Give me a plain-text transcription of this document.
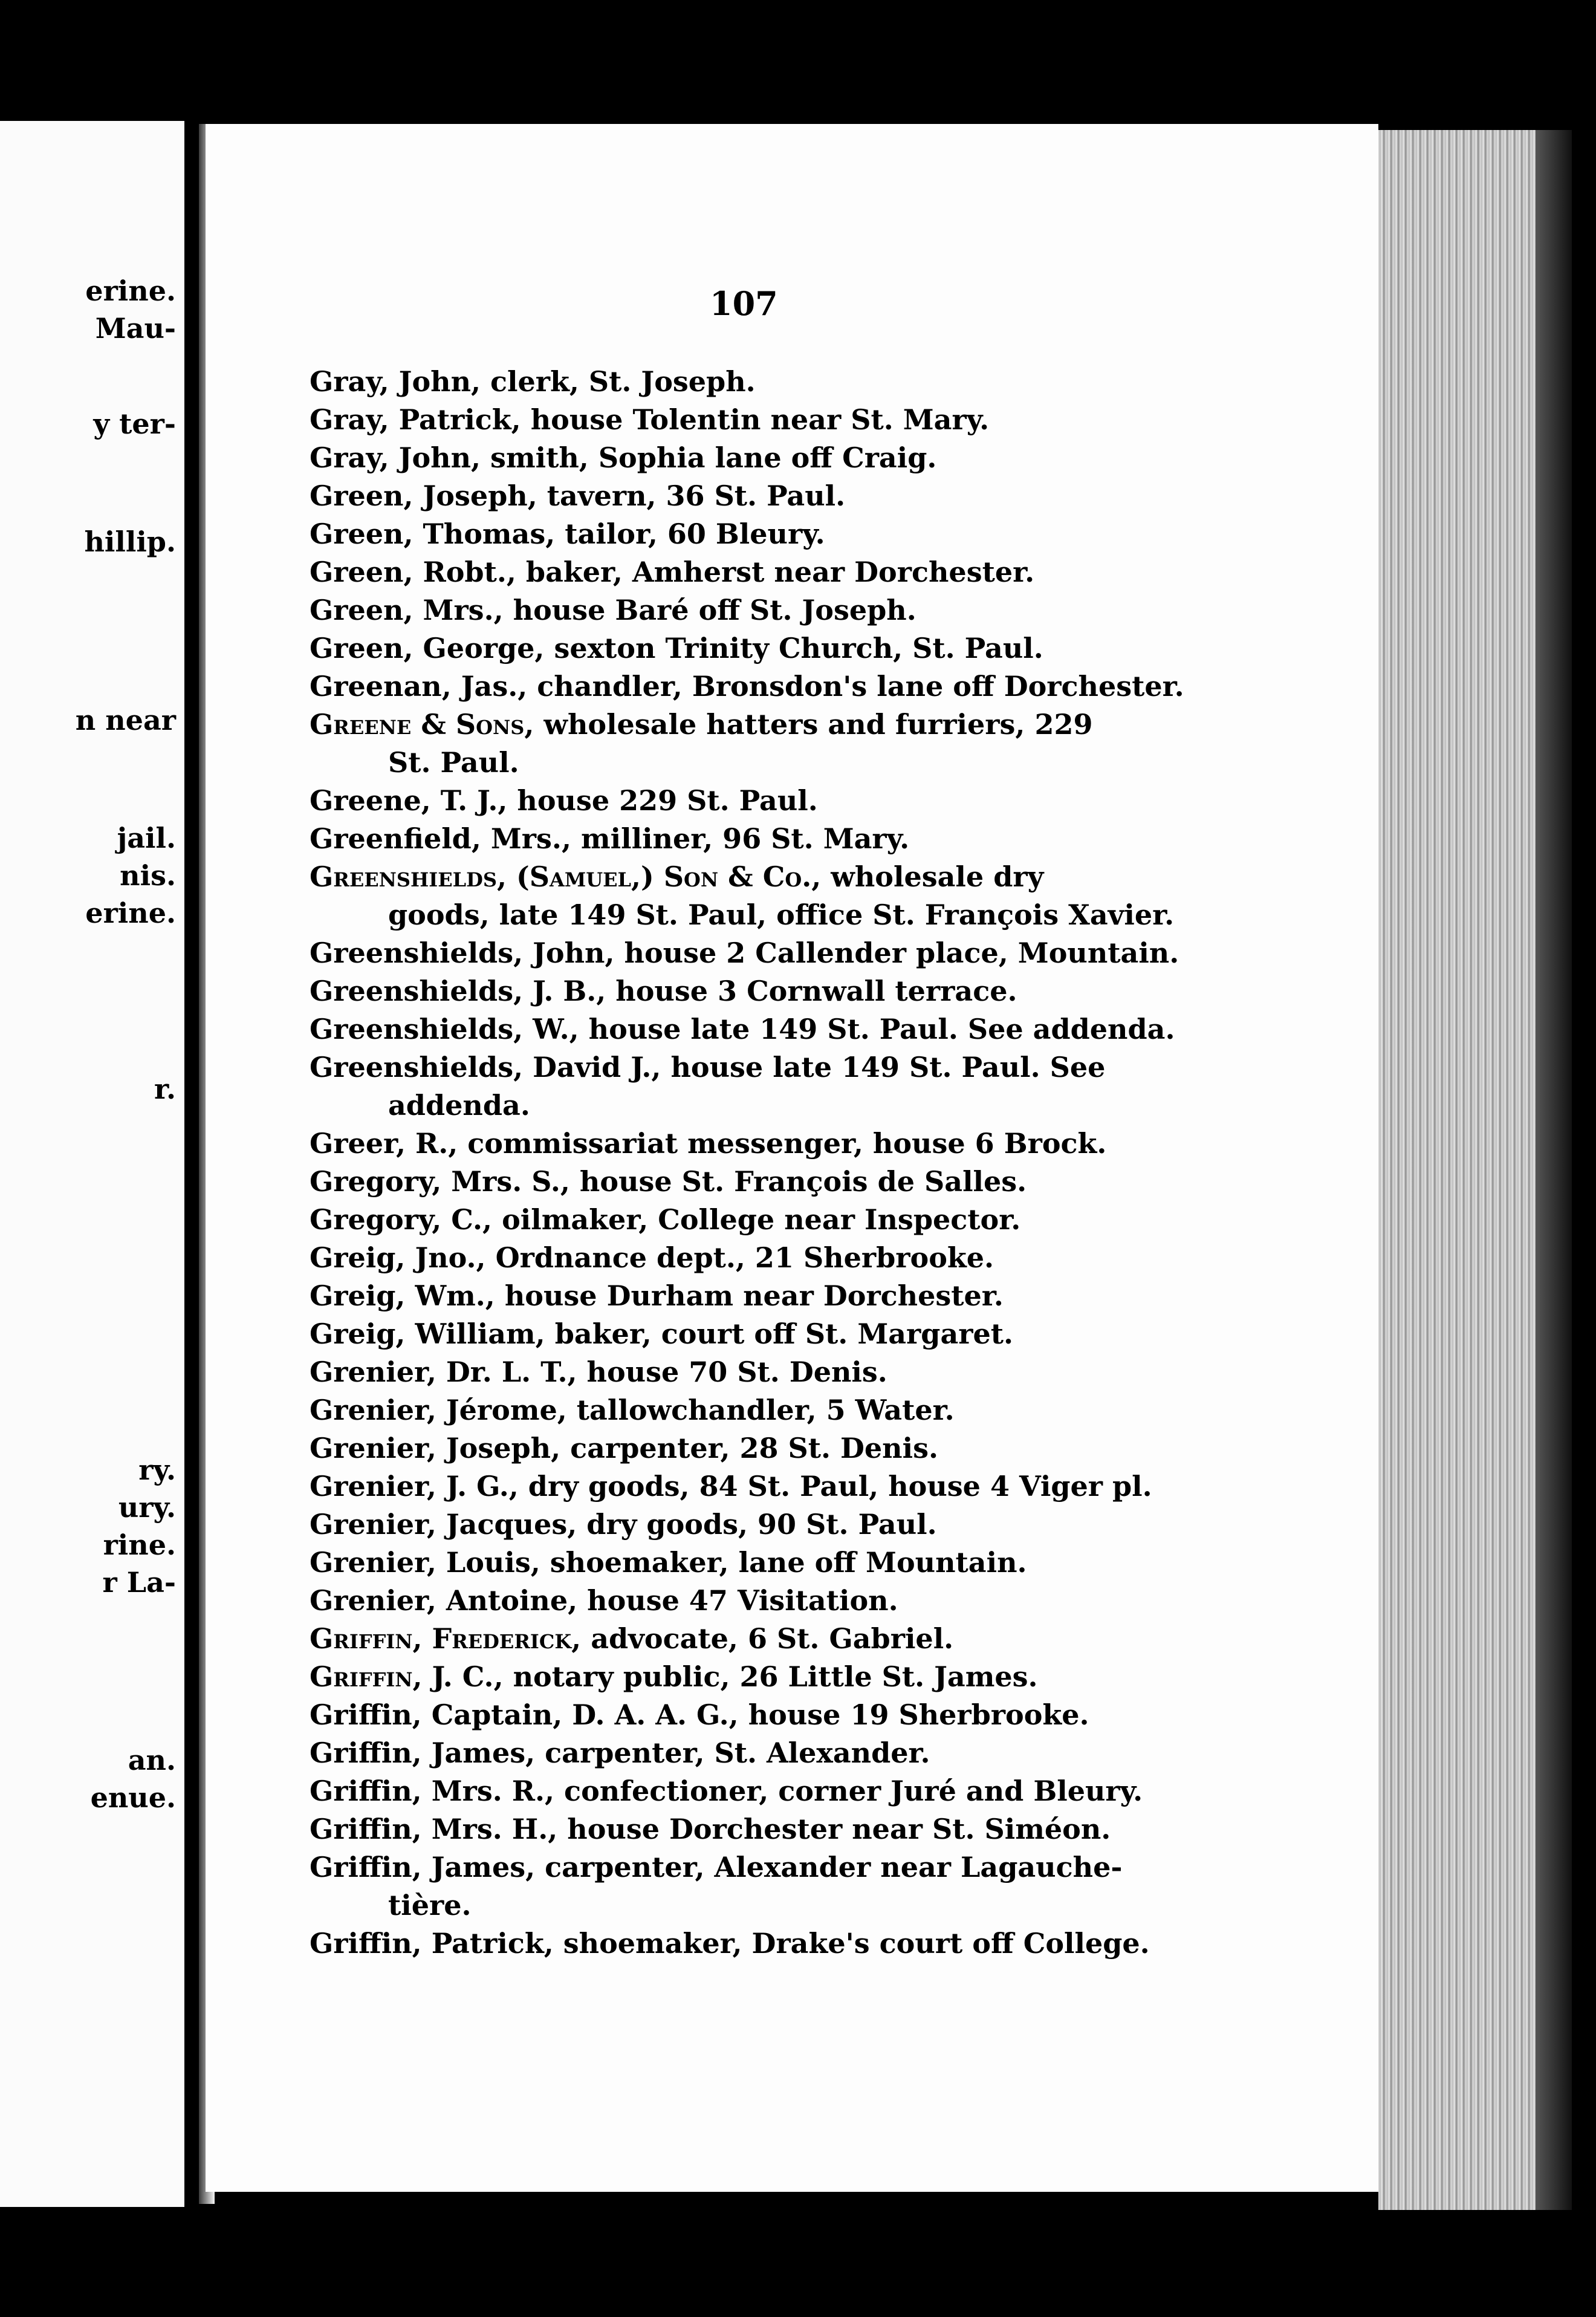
erine.
Mau-
y ter-
hillip.
n near
jail.
nis.
erine.
r.
ry.
ury.
rine.
r La-
an.
enue.
107

Gray, John, clerk, St. Joseph.

Gray, Patrick, house Tolentin near St. Mary.

Gray, John, smith, Sophia lane off Craig.

Green, Joseph, tavern, 36 St. Paul.

Green, Thomas, tailor, 60 Bleury.

Green, Robt., baker, Amherst near Dorchester.

Green, Mrs., house Baré off St. Joseph.

Green, George, sexton Trinity Church, St. Paul.

Greenan, Jas., chandler, Bronsdon's lane off Dorchester.

Greene & Sons, wholesale hatters and furriers, 229
St. Paul.

Greene, T. J., house 229 St. Paul.

Greenfield, Mrs., milliner, 96 St. Mary.

Greenshields, (Samuel,) Son & Co., wholesale dry
goods, late 149 St. Paul, office St. François Xavier.

Greenshields, John, house 2 Callender place, Mountain.

Greenshields, J. B., house 3 Cornwall terrace.

Greenshields, W., house late 149 St. Paul. See addenda.

Greenshields, David J., house late 149 St. Paul. See
addenda.

Greer, R., commissariat messenger, house 6 Brock.

Gregory, Mrs. S., house St. François de Salles.

Gregory, C., oilmaker, College near Inspector.

Greig, Jno., Ordnance dept., 21 Sherbrooke.

Greig, Wm., house Durham near Dorchester.

Greig, William, baker, court off St. Margaret.

Grenier, Dr. L. T., house 70 St. Denis.

Grenier, Jérome, tallowchandler, 5 Water.

Grenier, Joseph, carpenter, 28 St. Denis.

Grenier, J. G., dry goods, 84 St. Paul, house 4 Viger pl.

Grenier, Jacques, dry goods, 90 St. Paul.

Grenier, Louis, shoemaker, lane off Mountain.

Grenier, Antoine, house 47 Visitation.

Griffin, Frederick, advocate, 6 St. Gabriel.

Griffin, J. C., notary public, 26 Little St. James.

Griffin, Captain, D. A. A. G., house 19 Sherbrooke.

Griffin, James, carpenter, St. Alexander.

Griffin, Mrs. R., confectioner, corner Juré and Bleury.

Griffin, Mrs. H., house Dorchester near St. Siméon.

Griffin, James, carpenter, Alexander near Lagauche-
tière.

Griffin, Patrick, shoemaker, Drake's court off College.
